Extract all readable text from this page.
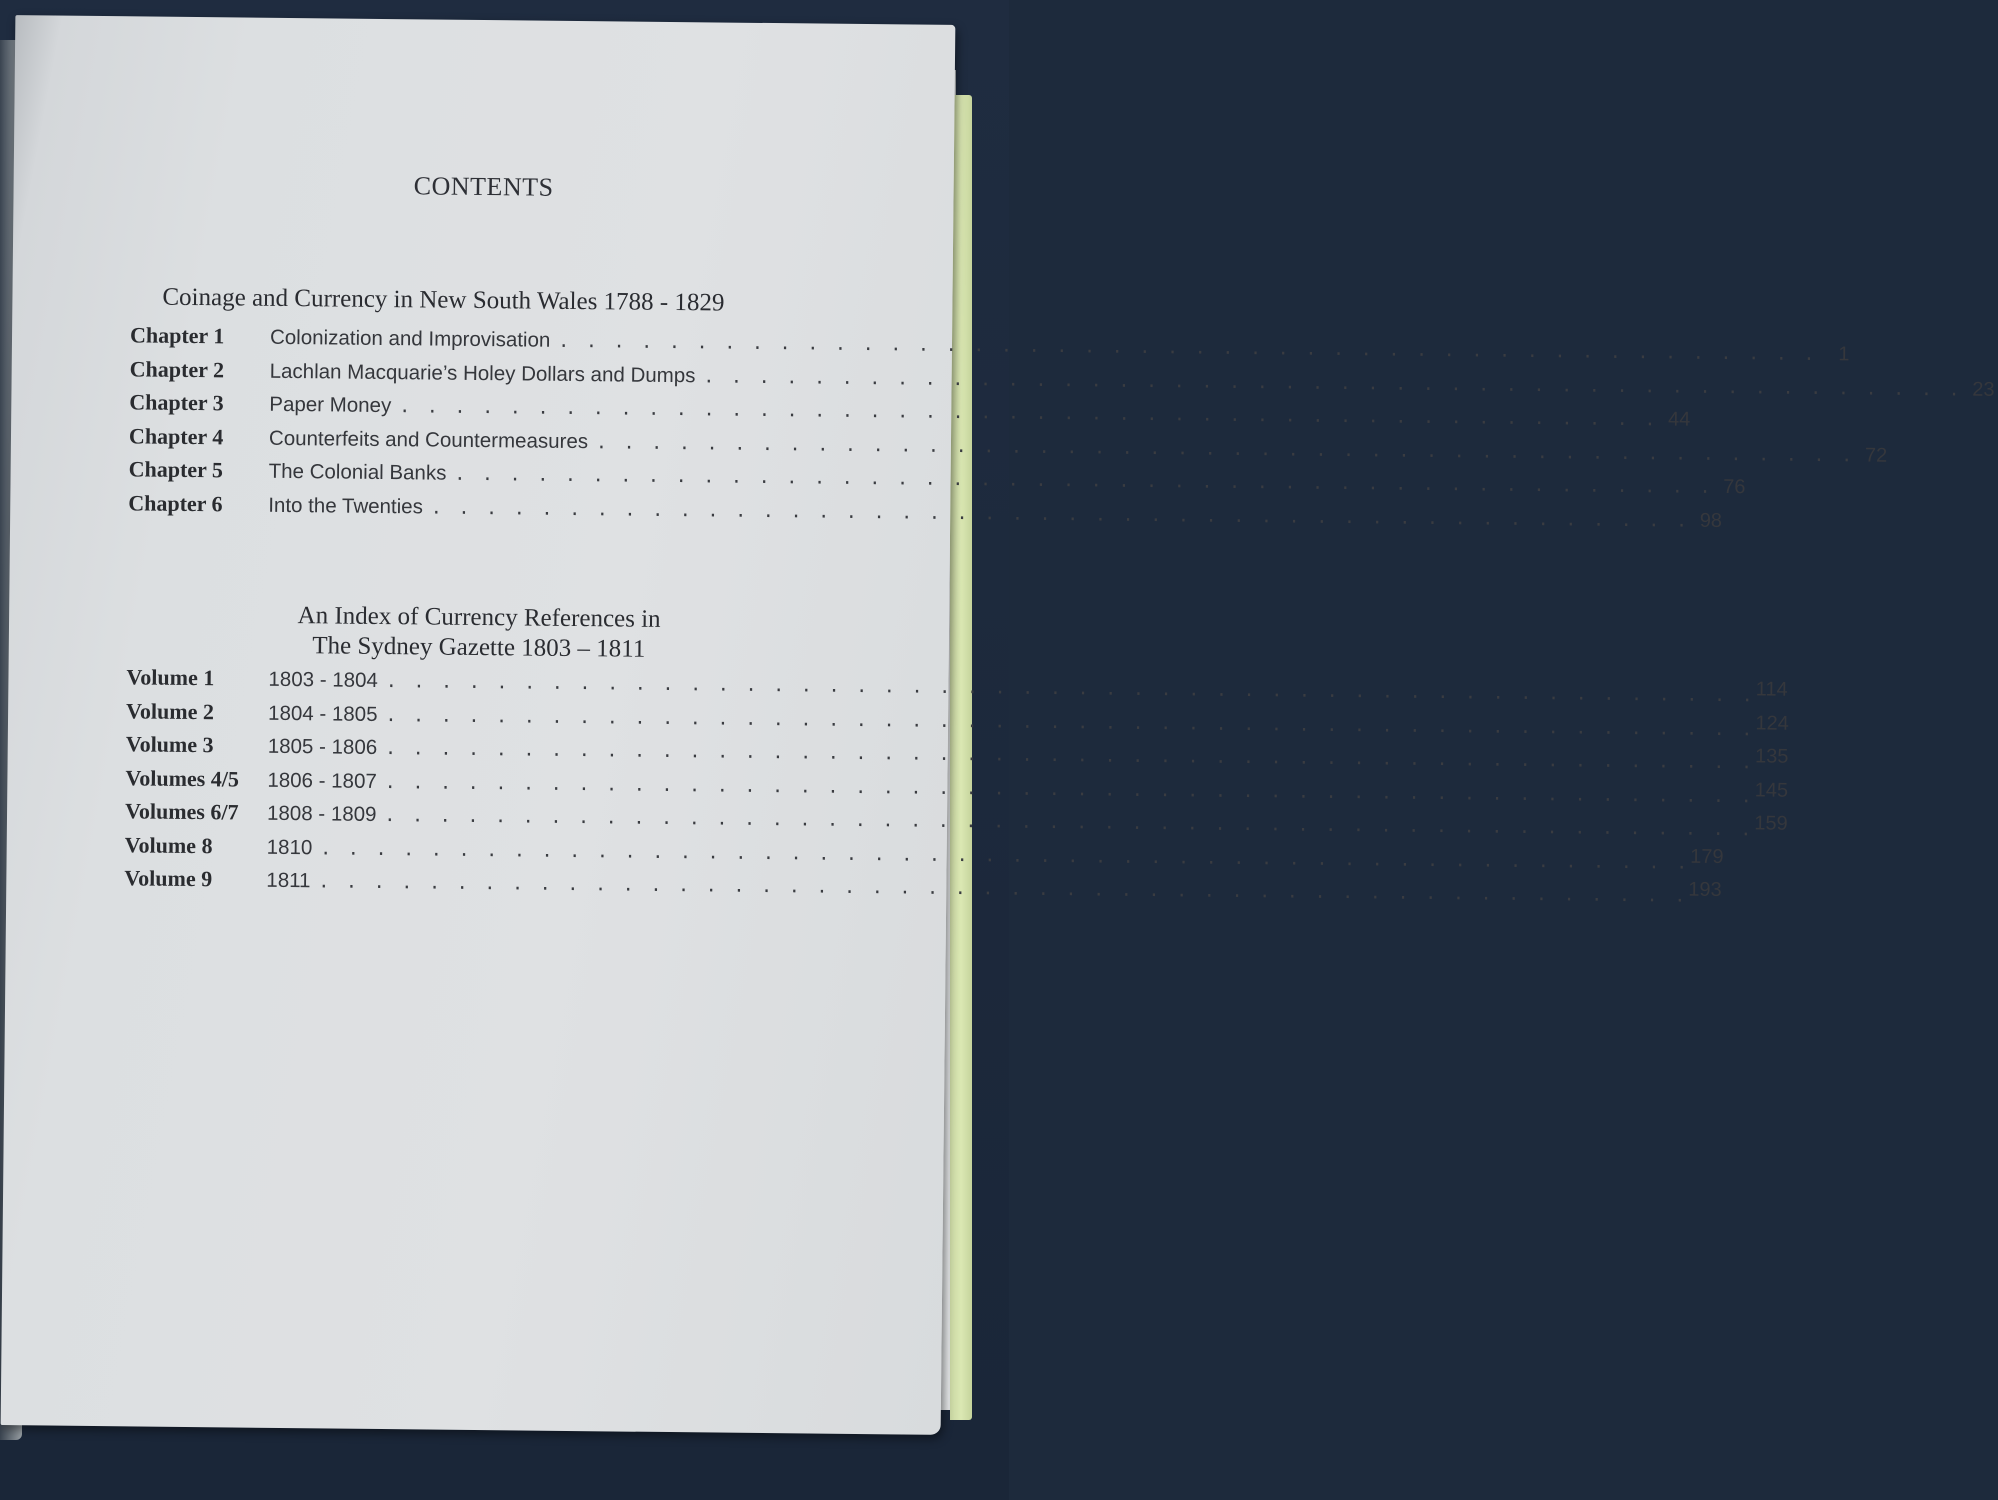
CONTENTS
Coinage and Currency in New South Wales 1788 - 1829
Chapter 1	Colonization and Improvisation . . . . . . . . . . . . . . . . . . . . . . . . . . . . . . . . . . . . . . . . . . . . . .	1
Chapter 2	Lachlan Macquarie’s Holey Dollars and Dumps . . . . . . . . . . . . . . . . . . . . . . . . . . . . . . . . . . . . . . . . . . . . . . 23
Chapter 3	Paper Money . . . . . . . . . . . . . . . . . . . . . . . . . . . . . . . . . . . . . . . . . . . . . . 44
Chapter 4	Counterfeits and Countermeasures . . . . . . . . . . . . . . . . . . . . . . . . . . . . . . . . . . . . . . . . . . . . . . 72
Chapter 5	The Colonial Banks . . . . . . . . . . . . . . . . . . . . . . . . . . . . . . . . . . . . . . . . . . . . . . 76
Chapter 6	Into the Twenties . . . . . . . . . . . . . . . . . . . . . . . . . . . . . . . . . . . . . . . . . . . . . . 98
An Index of Currency References in
The Sydney Gazette 1803 – 1811
Volume 1	1803 - 1804 . . . . . . . . . . . . . . . . . . . . . . . . . . . . . . . . . . . . . . . . . . . . . . . . . . 114
Volume 2	1804 - 1805 . . . . . . . . . . . . . . . . . . . . . . . . . . . . . . . . . . . . . . . . . . . . . . . . . . 124
Volume 3	1805 - 1806 . . . . . . . . . . . . . . . . . . . . . . . . . . . . . . . . . . . . . . . . . . . . . . . . . . 135
Volumes 4/5	1806 - 1807 . . . . . . . . . . . . . . . . . . . . . . . . . . . . . . . . . . . . . . . . . . . . . . . . . . 145
Volumes 6/7	1808 - 1809 . . . . . . . . . . . . . . . . . . . . . . . . . . . . . . . . . . . . . . . . . . . . . . . . . . 159
Volume 8	1810 . . . . . . . . . . . . . . . . . . . . . . . . . . . . . . . . . . . . . . . . . . . . . . . . . . 179
Volume 9	1811 . . . . . . . . . . . . . . . . . . . . . . . . . . . . . . . . . . . . . . . . . . . . . . . . . . 193
